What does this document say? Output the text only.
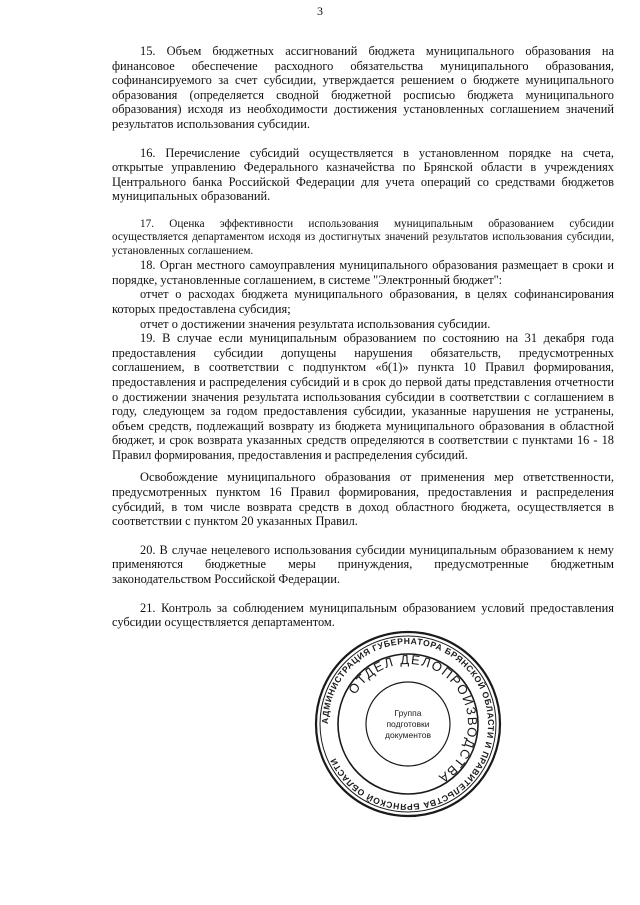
3

15. Объем бюджетных ассигнований бюджета муниципального образования на финансовое обеспечение расходного обязательства муниципального образования, софинансируемого за счет субсидии, утверждается решением о бюджете муниципального образования (определяется сводной бюджетной росписью бюджета муниципального образования) исходя из необходимости достижения установленных соглашением значений результатов использования субсидии.

16. Перечисление субсидий осуществляется в установленном порядке на счета, открытые управлению Федерального казначейства по Брянской области в учреждениях Центрального банка Российской Федерации для учета операций со средствами бюджетов муниципальных образований.

17. Оценка эффективности использования муниципальным образованием субсидии осуществляется департаментом исходя из достигнутых значений результатов использования субсидии, установленных соглашением.

18. Орган местного самоуправления муниципального образования размещает в сроки и порядке, установленные соглашением, в системе "Электронный бюджет":

отчет о расходах бюджета муниципального образования, в целях софинансирования которых предоставлена субсидия;

отчет о достижении значения результата использования субсидии.

19. В случае если муниципальным образованием по состоянию на 31 декабря года предоставления субсидии допущены нарушения обязательств, предусмотренных соглашением, в соответствии с подпунктом «б(1)» пункта 10 Правил формирования, предоставления и распределения субсидий и в срок до первой даты представления отчетности о достижении значения результата использования субсидии в соответствии с соглашением в году, следующем за годом предоставления субсидии, указанные нарушения не устранены, объем средств, подлежащий возврату из бюджета муниципального образования в областной бюджет, и срок возврата указанных средств определяются в соответствии с пунктами 16 - 18 Правил формирования, предоставления и распределения субсидий.

Освобождение муниципального образования от применения мер ответственности, предусмотренных пунктом 16 Правил формирования, предоставления и распределения субсидий, в том числе возврата средств в доход областного бюджета, осуществляется в соответствии с пунктом 20 указанных Правил.

20. В случае нецелевого использования субсидии муниципальным образованием к нему применяются бюджетные меры принуждения, предусмотренные бюджетным законодательством Российской Федерации.

21. Контроль за соблюдением муниципальным образованием условий предоставления субсидии осуществляется департаментом.

АДМИНИСТРАЦИЯ ГУБЕРНАТОРА БРЯНСКОЙ ОБЛАСТИ И ПРАВИТЕЛЬСТВА БРЯНСКОЙ ОБЛАСТИ
ОТДЕЛ ДЕЛОПРОИЗВОДСТВА
Группа
подготовки
документов
